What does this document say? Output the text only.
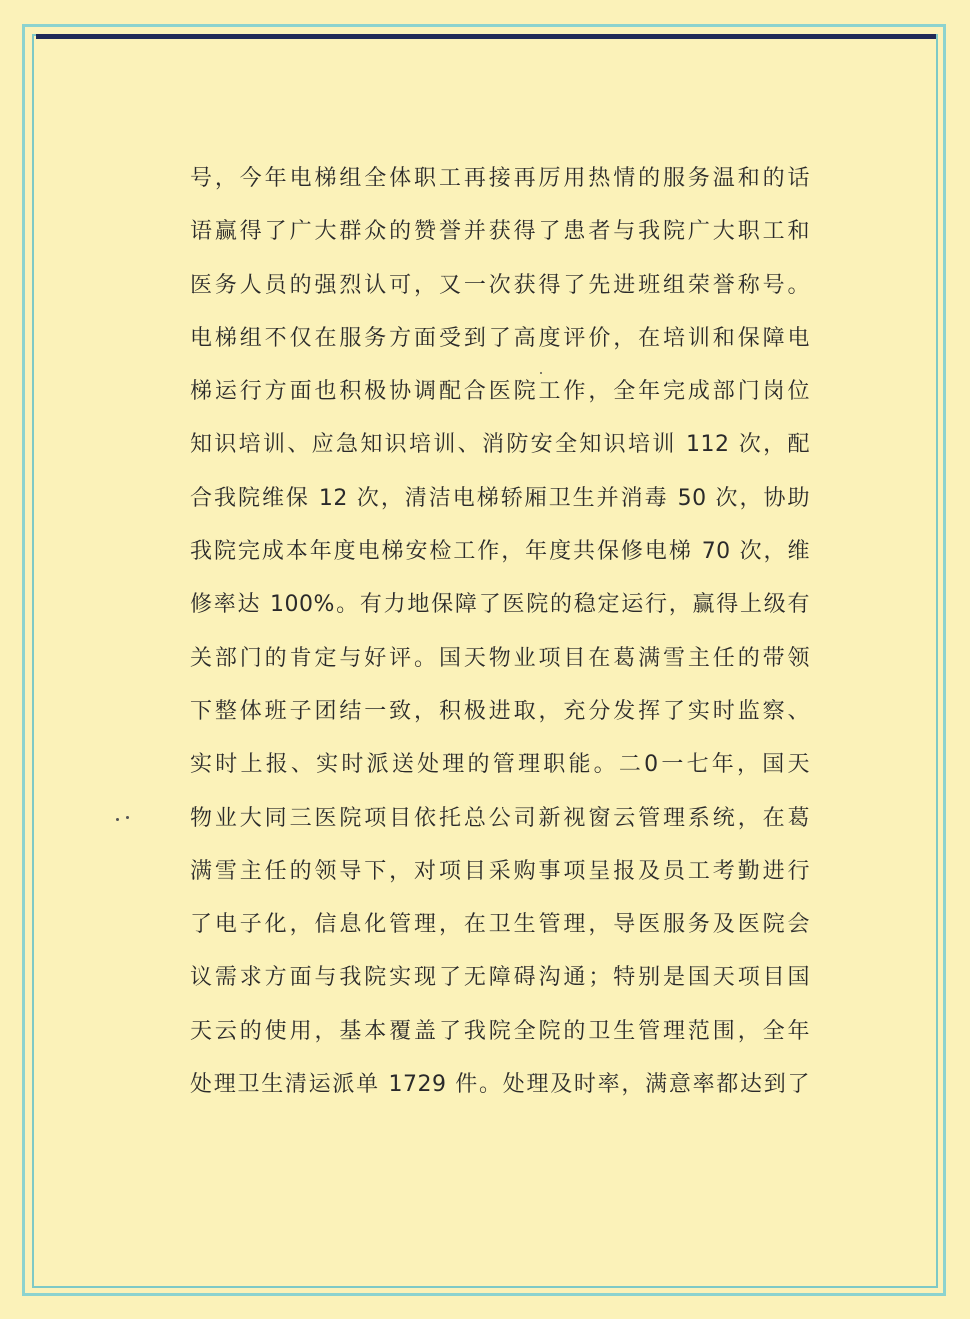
号，今年电梯组全体职工再接再厉用热情的服务温和的话
语赢得了广大群众的赞誉并获得了患者与我院广大职工和
医务人员的强烈认可，又一次获得了先进班组荣誉称号。
电梯组不仅在服务方面受到了高度评价，在培训和保障电
梯运行方面也积极协调配合医院工作，全年完成部门岗位
知识培训、应急知识培训、消防安全知识培训 112 次，配
合我院维保 12 次，清洁电梯轿厢卫生并消毒 50 次，协助
我院完成本年度电梯安检工作，年度共保修电梯 70 次，维
修率达 100%。有力地保障了医院的稳定运行，赢得上级有
关部门的肯定与好评。国天物业项目在葛满雪主任的带领
下整体班子团结一致，积极进取，充分发挥了实时监察、
实时上报、实时派送处理的管理职能。二0一七年，国天
物业大同三医院项目依托总公司新视窗云管理系统，在葛
满雪主任的领导下，对项目采购事项呈报及员工考勤进行
了电子化，信息化管理，在卫生管理，导医服务及医院会
议需求方面与我院实现了无障碍沟通；特别是国天项目国
天云的使用，基本覆盖了我院全院的卫生管理范围，全年
处理卫生清运派单 1729 件。处理及时率，满意率都达到了
